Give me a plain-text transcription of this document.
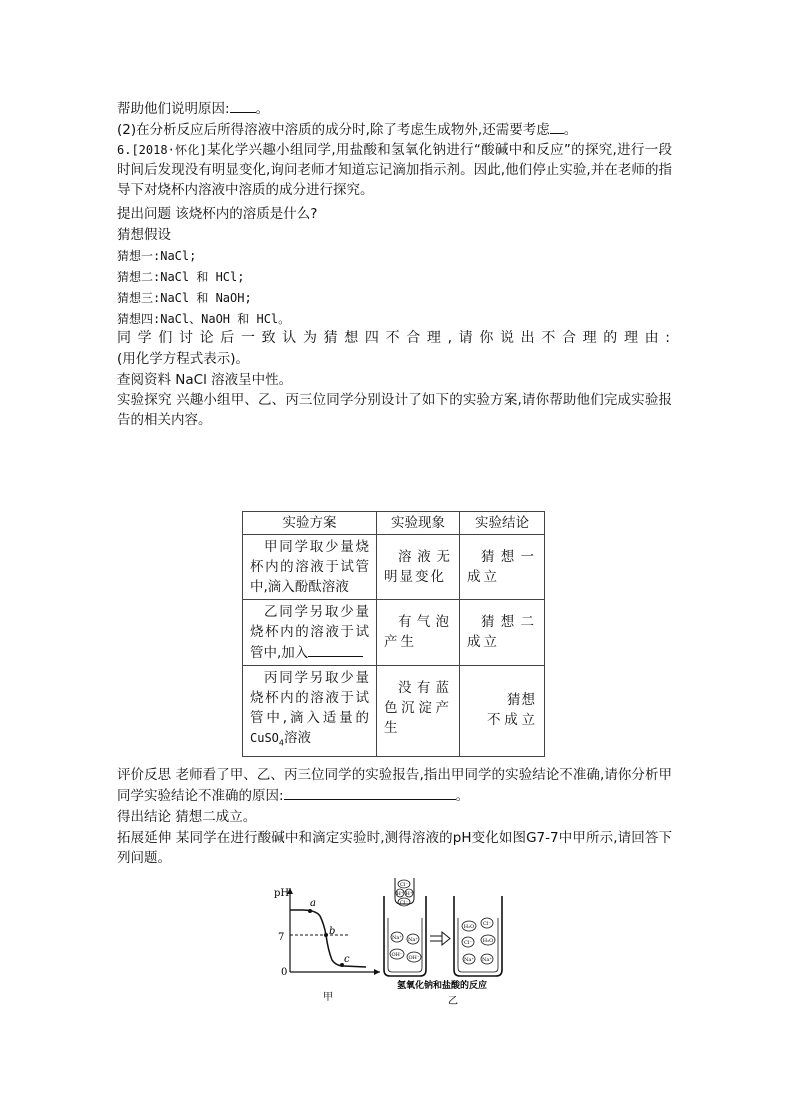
帮助他们说明原因: 。
(2)在分析反应后所得溶液中溶质的成分时,除了考虑生成物外,还需要考虑 。
6.[2018·怀化]某化学兴趣小组同学,用盐酸和氢氧化钠进行“酸碱中和反应”的探究,进行一段时间后发现没有明显变化,询问老师才知道忘记滴加指示剂。因此,他们停止实验,并在老师的指导下对烧杯内溶液中溶质的成分进行探究。
提出问题 该烧杯内的溶质是什么?
猜想假设
猜想一:NaCl;
猜想二:NaCl 和 HCl;
猜想三:NaCl 和 NaOH;
猜想四:NaCl、NaOH 和 HCl。
同学们讨论后一致认为猜想四不合理,请你说出不合理的理由:
(用化学方程式表示)。
查阅资料 NaCl 溶液呈中性。
实验探究 兴趣小组甲、乙、丙三位同学分别设计了如下的实验方案,请你帮助他们完成实验报告的相关内容。
实验方案	实验现象	实验结论
甲同学取少量烧杯内的溶液于试管中,滴入酚酞溶液	溶液无明显变化	猜想一成立
乙同学另取少量烧杯内的溶液于试管中,加入	有气泡产生	猜想二成立
丙同学另取少量烧杯内的溶液于试管中,滴入适量的CuSO$_4$溶液	没有蓝色沉淀产生	猜想不成立
评价反思 老师看了甲、乙、丙三位同学的实验报告,指出甲同学的实验结论不准确,请你分析甲同学实验结论不准确的原因:	。
得出结论 猜想二成立。
拓展延伸 某同学在进行酸碱中和滴定实验时,测得溶液的pH变化如图G7-7中甲所示,请回答下列问题。
pH
7
0
a
b
c
甲
Cl⁻
H⁺ H⁺
Cl⁻
Na⁺ Na⁺
OH⁻ OH⁻
H₂O Cl⁻
Cl⁻ H₂O
Na⁺ Na⁺
氢氧化钠和盐酸的反应
乙
